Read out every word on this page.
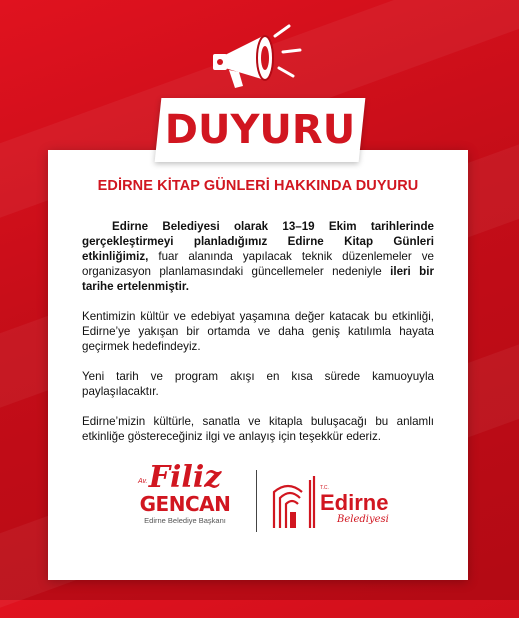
DUYURU
EDİRNE KİTAP GÜNLERİ HAKKINDA DUYURU

Edirne Belediyesi olarak 13–19 Ekim tarihlerinde gerçekleştirmeyi planladığımız Edirne Kitap Günleri etkinliğimiz, fuar alanında yapılacak teknik düzenlemeler ve organizasyon planlamasındaki güncellemeler nedeniyle ileri bir tarihe ertelenmiştir.

Kentimizin kültür ve edebiyat yaşamına değer katacak bu etkinliği, Edirne’ye yakışan bir ortamda ve daha geniş katılımla hayata geçirmek hedefindeyiz.

Yeni tarih ve program akışı en kısa sürede kamuoyuyla paylaşılacaktır.

Edirne’mizin kültürle, sanatla ve kitapla buluşacağı bu anlamlı etkinliğe göstereceğiniz ilgi ve anlayış için teşekkür ederiz.

Filiz
GENCAN
Edirne Belediye Başkanı
Av.
T.C.
Edirne
Belediyesi
